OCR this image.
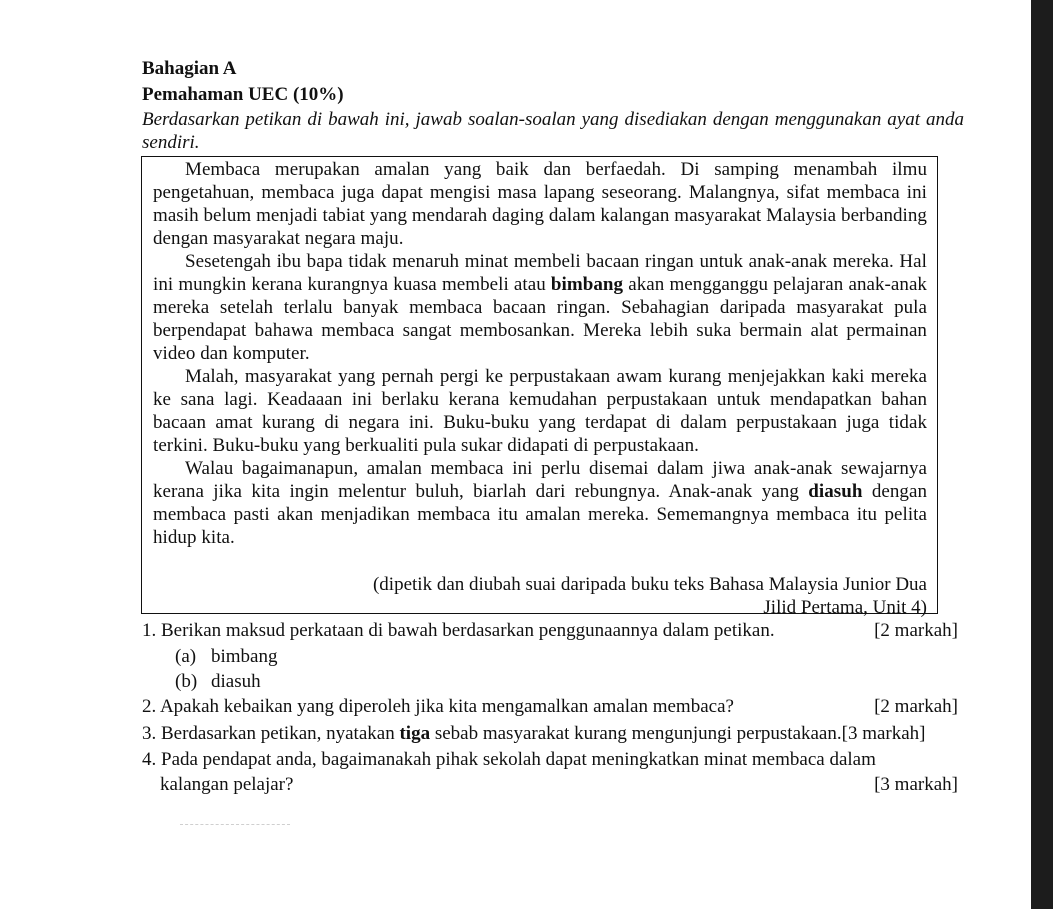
Bahagian A
Pemahaman UEC (10%)
Berdasarkan petikan di bawah ini, jawab soalan-soalan yang disediakan dengan menggunakan ayat anda sendiri.

Membaca merupakan amalan yang baik dan berfaedah. Di samping menambah ilmu pengetahuan, membaca juga dapat mengisi masa lapang seseorang. Malangnya, sifat membaca ini masih belum menjadi tabiat yang mendarah daging dalam kalangan masyarakat Malaysia berbanding dengan masyarakat negara maju.

Sesetengah ibu bapa tidak menaruh minat membeli bacaan ringan untuk anak-anak mereka. Hal ini mungkin kerana kurangnya kuasa membeli atau bimbang akan mengganggu pelajaran anak-anak mereka setelah terlalu banyak membaca bacaan ringan. Sebahagian daripada masyarakat pula berpendapat bahawa membaca sangat membosankan. Mereka lebih suka bermain alat permainan video dan komputer.

Malah, masyarakat yang pernah pergi ke perpustakaan awam kurang menjejakkan kaki mereka ke sana lagi. Keadaaan ini berlaku kerana kemudahan perpustakaan untuk mendapatkan bahan bacaan amat kurang di negara ini. Buku-buku yang terdapat di dalam perpustakaan juga tidak terkini. Buku-buku yang berkualiti pula sukar didapati di perpustakaan.

Walau bagaimanapun, amalan membaca ini perlu disemai dalam jiwa anak-anak sewajarnya kerana jika kita ingin melentur buluh, biarlah dari rebungnya. Anak-anak yang diasuh dengan membaca pasti akan menjadikan membaca itu amalan mereka. Sememangnya membaca itu pelita hidup kita.

(dipetik dan diubah suai daripada buku teks Bahasa Malaysia Junior Dua

Jilid Pertama, Unit 4)

1. Berikan maksud perkataan di bawah berdasarkan penggunaannya dalam petikan.	[2 markah]
(a) bimbang
(b) diasuh
2. Apakah kebaikan yang diperoleh jika kita mengamalkan amalan membaca?	[2 markah]
3. Berdasarkan petikan, nyatakan tiga sebab masyarakat kurang mengunjungi perpustakaan.[3 markah]
4. Pada pendapat anda, bagaimanakah pihak sekolah dapat meningkatkan minat membaca dalam
kalangan pelajar?	[3 markah]
